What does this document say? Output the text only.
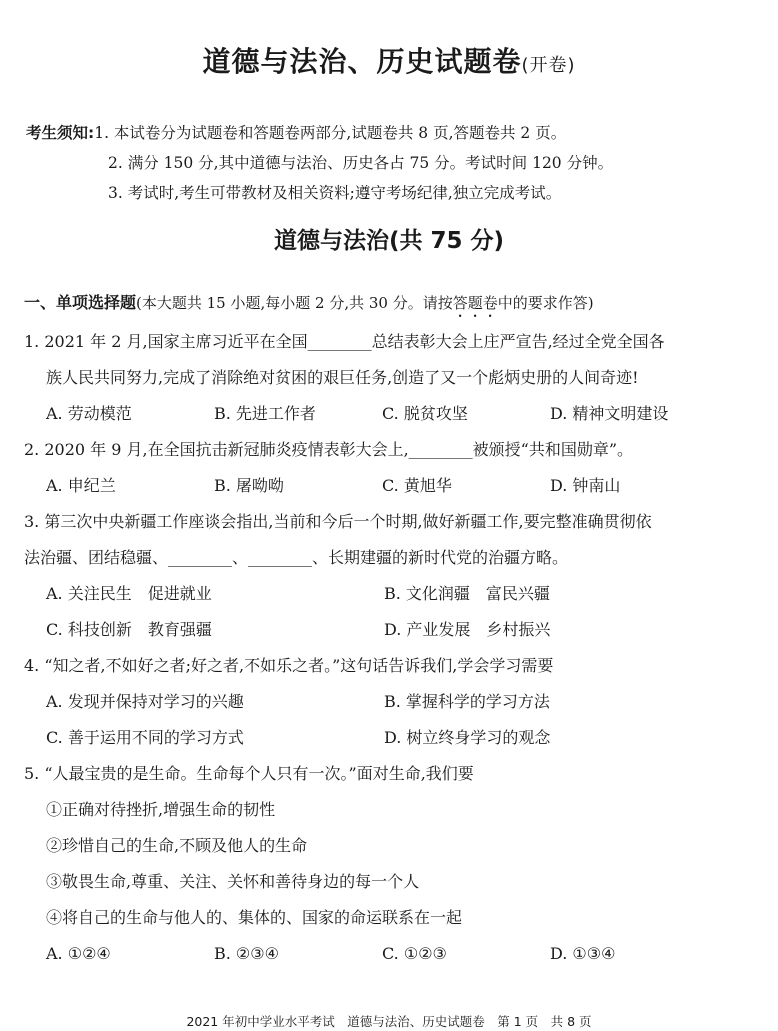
道德与法治、历史试题卷(开卷)
考生须知:1. 本试卷分为试题卷和答题卷两部分,试题卷共 8 页,答题卷共 2 页。
2. 满分 150 分,其中道德与法治、历史各占 75 分。考试时间 120 分钟。
3. 考试时,考生可带教材及相关资料;遵守考场纪律,独立完成考试。
道德与法治(共 75 分)
一、单项选择题(本大题共 15 小题,每小题 2 分,共 30 分。请按答题卷中的要求作答)
1. 2021 年 2 月,国家主席习近平在全国________总结表彰大会上庄严宣告,经过全党全国各
族人民共同努力,完成了消除绝对贫困的艰巨任务,创造了又一个彪炳史册的人间奇迹!
A. 劳动模范	B. 先进工作者	C. 脱贫攻坚	D. 精神文明建设
2. 2020 年 9 月,在全国抗击新冠肺炎疫情表彰大会上,________被颁授“共和国勋章”。
A. 申纪兰	B. 屠呦呦	C. 黄旭华	D. 钟南山
3. 第三次中央新疆工作座谈会指出,当前和今后一个时期,做好新疆工作,要完整准确贯彻依
法治疆、团结稳疆、________、________、长期建疆的新时代党的治疆方略。
A. 关注民生　促进就业	B. 文化润疆　富民兴疆
C. 科技创新　教育强疆	D. 产业发展　乡村振兴
4. “知之者,不如好之者;好之者,不如乐之者。”这句话告诉我们,学会学习需要
A. 发现并保持对学习的兴趣	B. 掌握科学的学习方法
C. 善于运用不同的学习方式	D. 树立终身学习的观念
5. “人最宝贵的是生命。生命每个人只有一次。”面对生命,我们要
①正确对待挫折,增强生命的韧性
②珍惜自己的生命,不顾及他人的生命
③敬畏生命,尊重、关注、关怀和善待身边的每一个人
④将自己的生命与他人的、集体的、国家的命运联系在一起
A. ①②④	B. ②③④	C. ①②③	D. ①③④
2021 年初中学业水平考试　道德与法治、历史试题卷　第 1 页　共 8 页
